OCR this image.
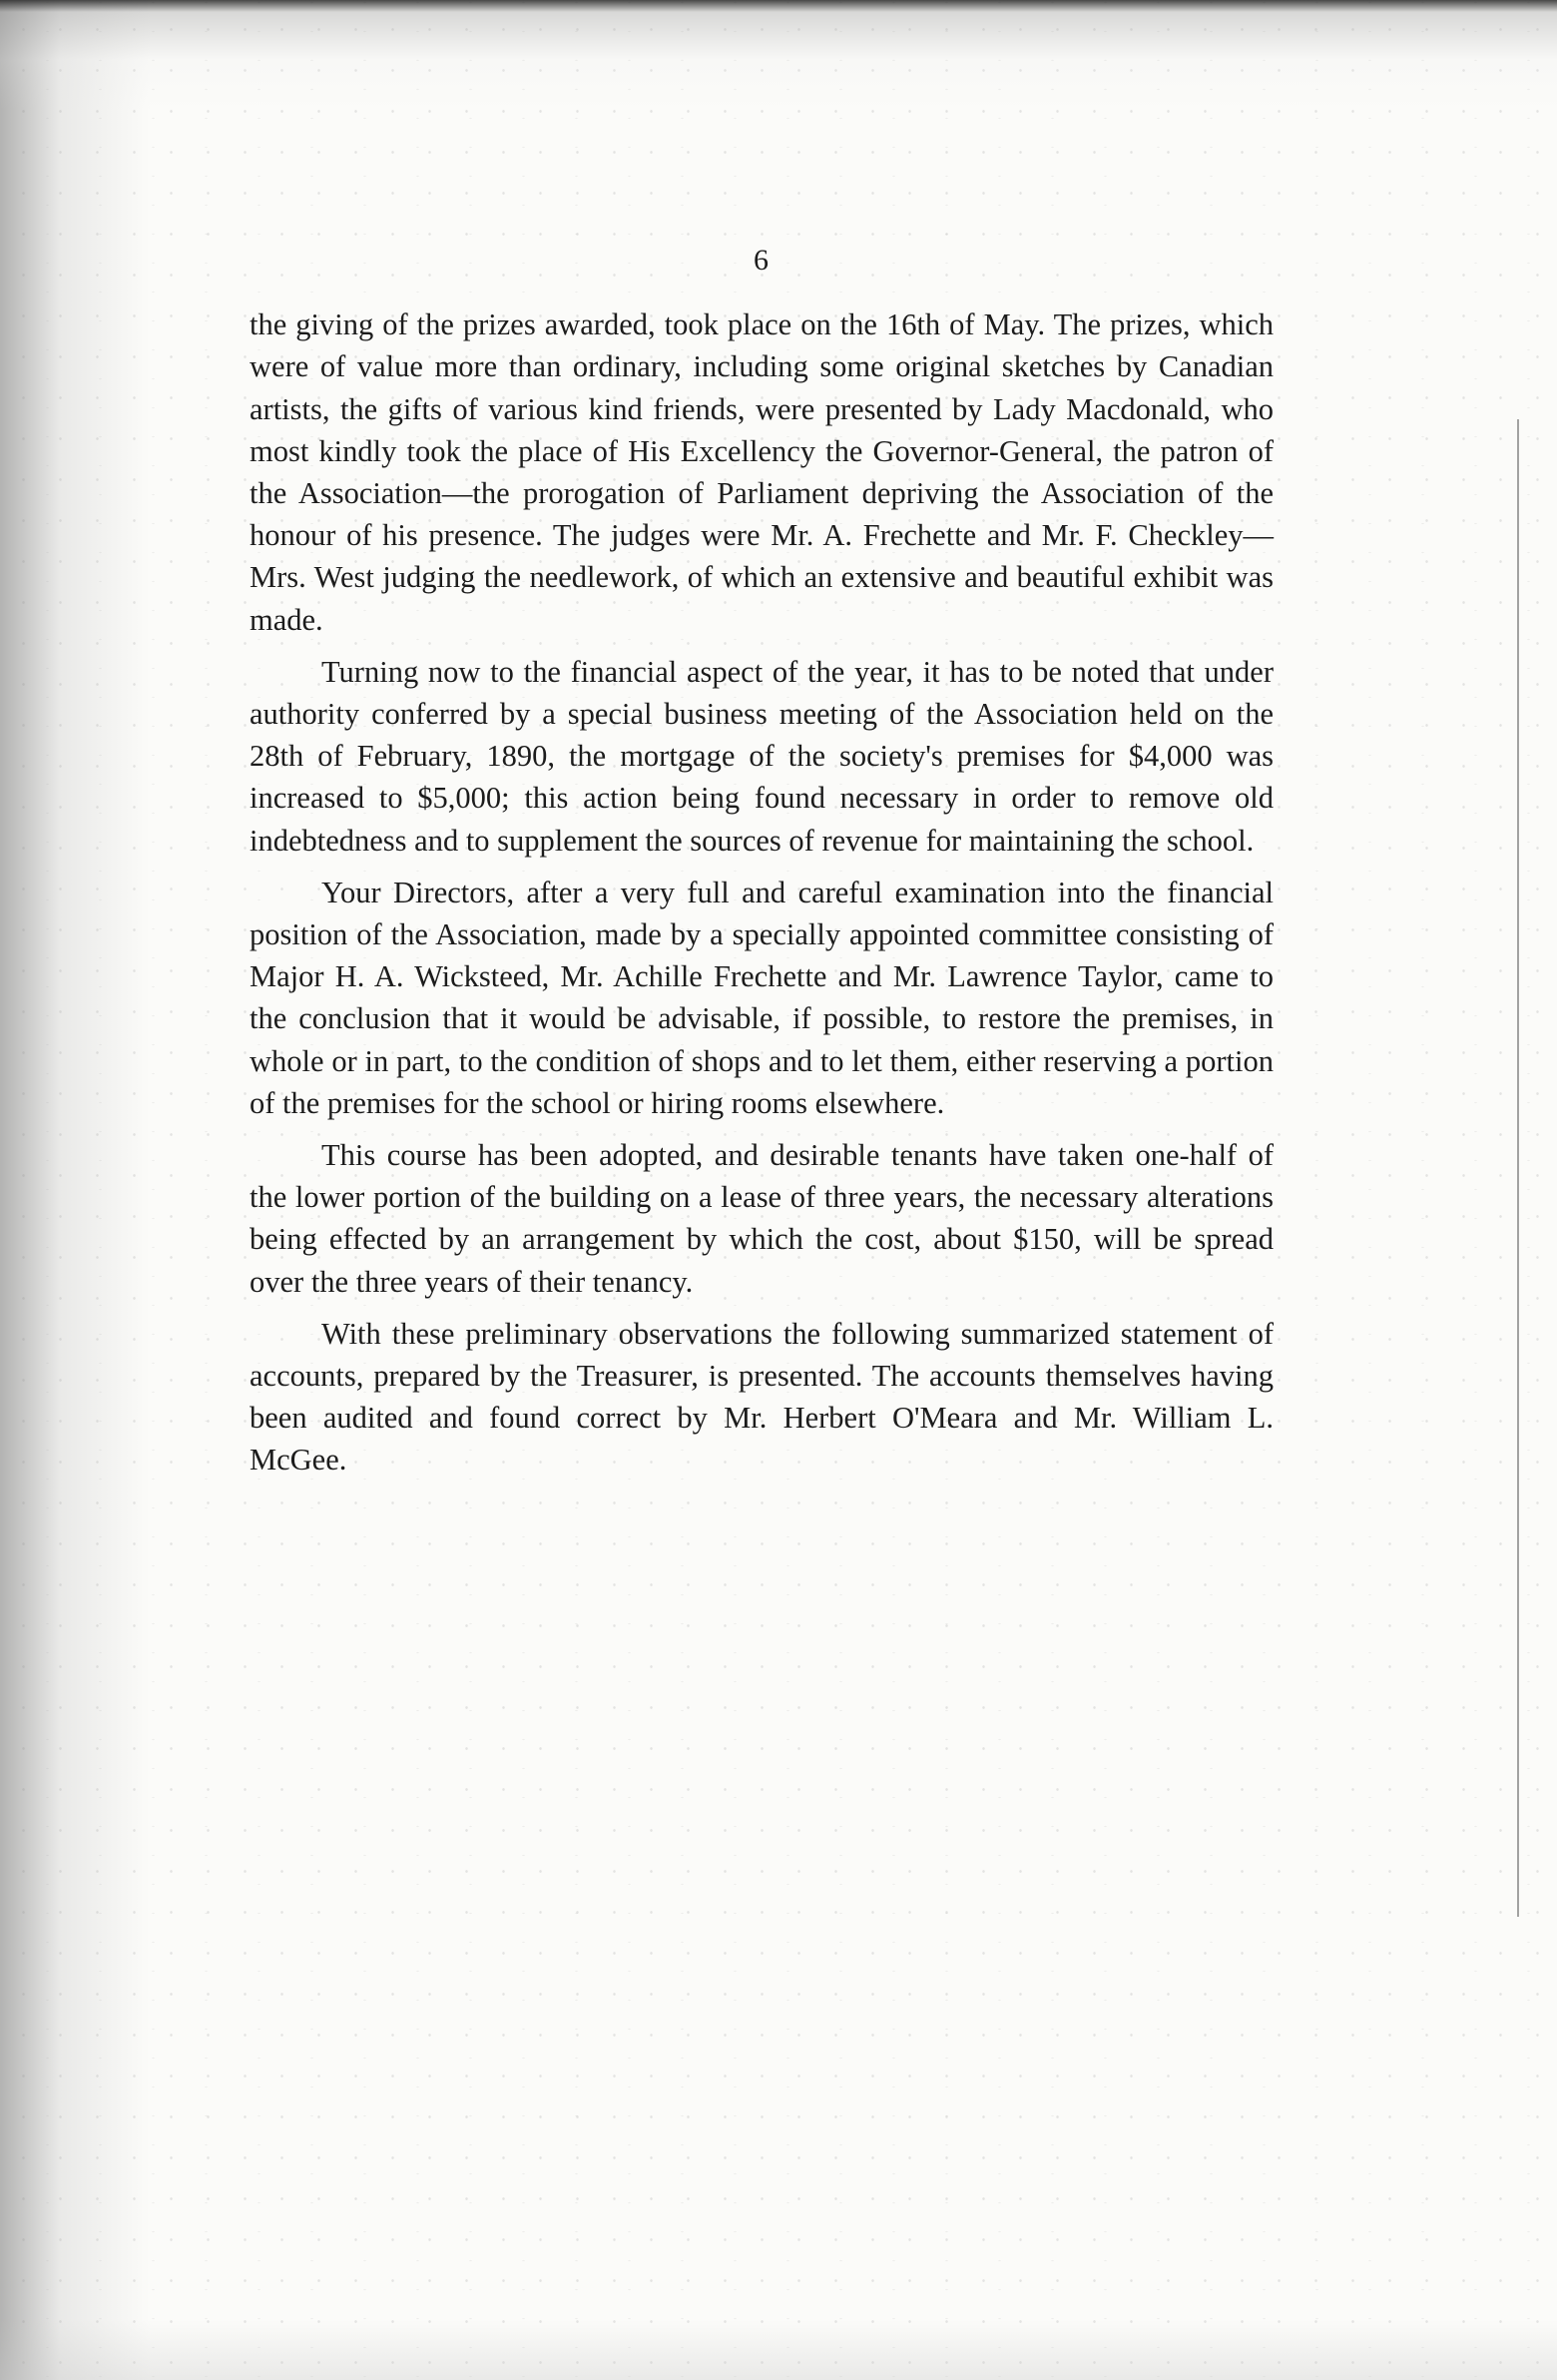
6

the giving of the prizes awarded, took place on the 16th of May. The prizes, which were of value more than ordinary, including some original sketches by Canadian artists, the gifts of various kind friends, were presented by Lady Macdonald, who most kindly took the place of His Excellency the Governor-General, the patron of the Association—the prorogation of Parliament depriving the Association of the honour of his presence. The judges were Mr. A. Frechette and Mr. F. Checkley—Mrs. West judging the needlework, of which an extensive and beautiful exhibit was made.

Turning now to the financial aspect of the year, it has to be noted that under authority conferred by a special business meeting of the Association held on the 28th of February, 1890, the mortgage of the society's premises for $4,000 was increased to $5,000; this action being found necessary in order to remove old indebtedness and to supplement the sources of revenue for maintaining the school.

Your Directors, after a very full and careful examination into the financial position of the Association, made by a specially appointed committee consisting of Major H. A. Wicksteed, Mr. Achille Frechette and Mr. Lawrence Taylor, came to the conclusion that it would be advisable, if possible, to restore the premises, in whole or in part, to the condition of shops and to let them, either reserving a portion of the premises for the school or hiring rooms elsewhere.

This course has been adopted, and desirable tenants have taken one-half of the lower portion of the building on a lease of three years, the necessary alterations being effected by an arrangement by which the cost, about $150, will be spread over the three years of their tenancy.

With these preliminary observations the following summarized statement of accounts, prepared by the Treasurer, is presented. The accounts themselves having been audited and found correct by Mr. Herbert O'Meara and Mr. William L. McGee.
